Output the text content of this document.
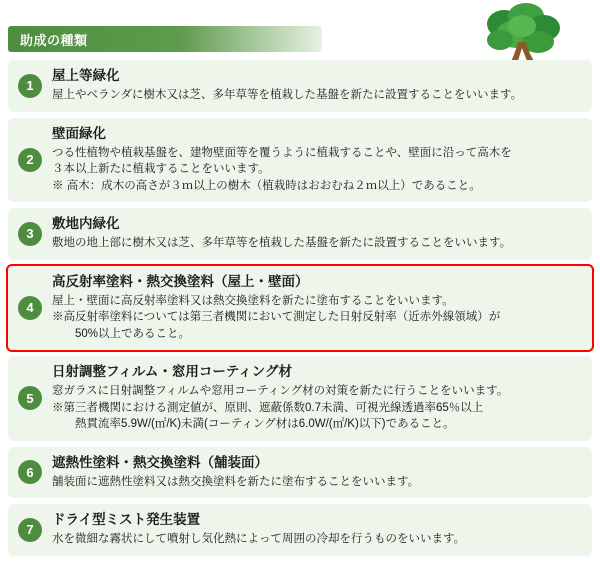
助成の種類
1
屋上等緑化
屋上やベランダに樹木又は芝、多年草等を植栽した基盤を新たに設置することをいいます。
2
壁面緑化
つる性植物や植栽基盤を、建物壁面等を覆うように植栽することや、壁面に沿って高木を
３本以上新たに植栽することをいいます。
※ 高木：成木の高さが３ｍ以上の樹木（植栽時はおおむね２ｍ以上）であること。
3
敷地内緑化
敷地の地上部に樹木又は芝、多年草等を植栽した基盤を新たに設置することをいいます。
4
高反射率塗料・熱交換塗料（屋上・壁面）
屋上・壁面に高反射率塗料又は熱交換塗料を新たに塗布することをいいます。
※高反射率塗料については第三者機関において測定した日射反射率（近赤外線領域）が
　　50%以上であること。
5
日射調整フィルム・窓用コーティング材
窓ガラスに日射調整フィルムや窓用コーティング材の対策を新たに行うことをいいます。
※第三者機関における測定値が、原則、遮蔽係数0.7未満、可視光線透過率65％以上
　　熱貫流率5.9W/(㎡/K)未満(コーティング材は6.0W/(㎡/K)以下)であること。
6
遮熱性塗料・熱交換塗料（舗装面）
舗装面に遮熱性塗料又は熱交換塗料を新たに塗布することをいいます。
7
ドライ型ミスト発生装置
水を微細な霧状にして噴射し気化熱によって周囲の冷却を行うものをいいます。
